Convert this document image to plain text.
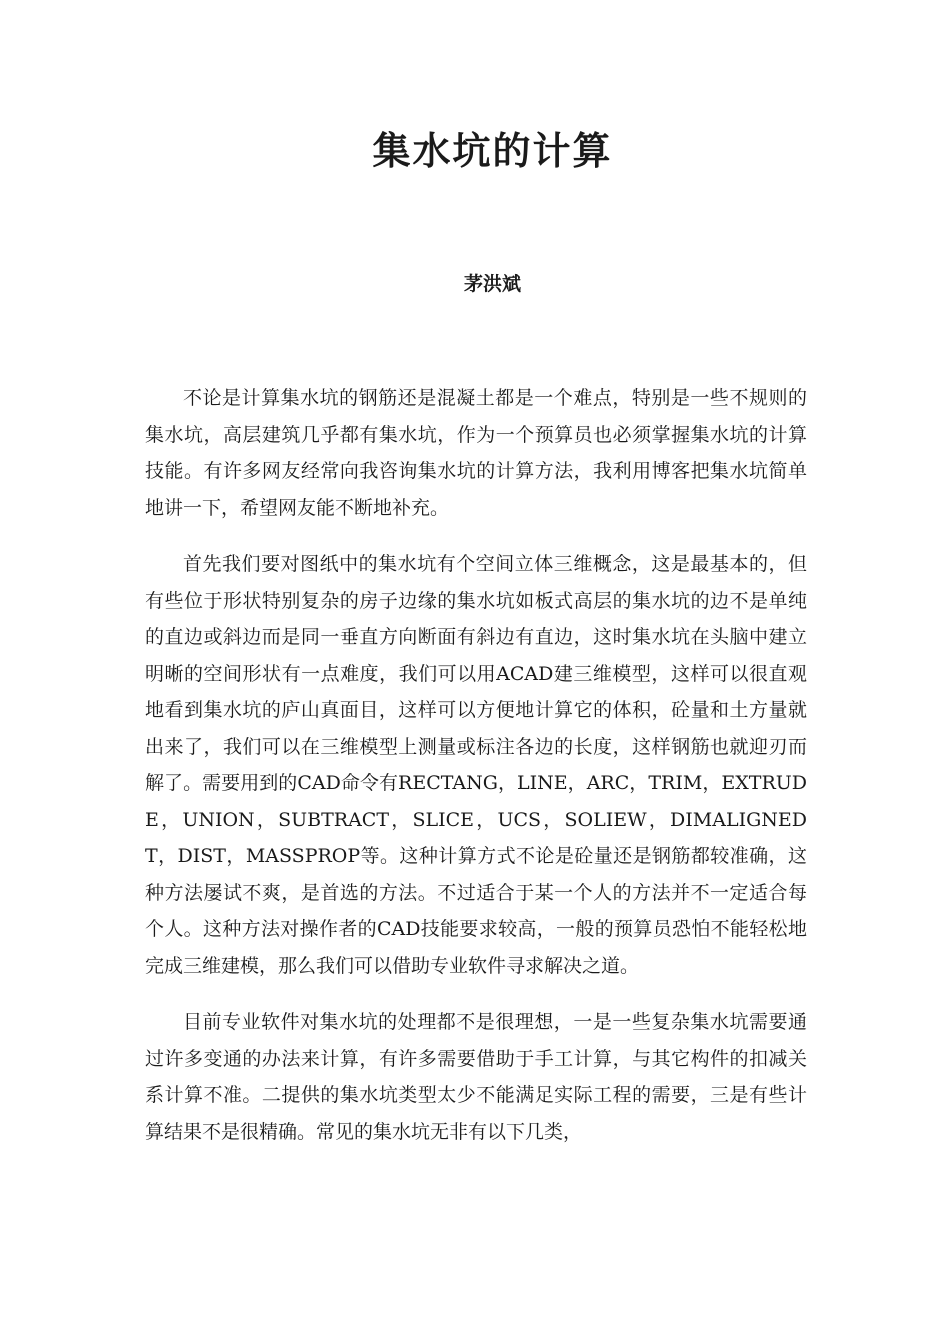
集水坑的计算
茅洪斌

不论是计算集水坑的钢筋还是混凝土都是一个难点，特别是一些不规则的集水坑，高层建筑几乎都有集水坑，作为一个预算员也必须掌握集水坑的计算技能。有许多网友经常向我咨询集水坑的计算方法，我利用博客把集水坑简单地讲一下，希望网友能不断地补充。

首先我们要对图纸中的集水坑有个空间立体三维概念，这是最基本的，但有些位于形状特别复杂的房子边缘的集水坑如板式高层的集水坑的边不是单纯的直边或斜边而是同一垂直方向断面有斜边有直边，这时集水坑在头脑中建立明晰的空间形状有一点难度，我们可以用ACAD建三维模型，这样可以很直观地看到集水坑的庐山真面目，这样可以方便地计算它的体积，砼量和土方量就出来了，我们可以在三维模型上测量或标注各边的长度，这样钢筋也就迎刃而解了。需要用到的CAD命令有RECTANG，LINE，ARC，TRIM，EXTRUDE，UNION，SUBTRACT，SLICE，UCS，SOLIEW，DIMALIGNEDT，DIST，MASSPROP等。这种计算方式不论是砼量还是钢筋都较准确，这种方法屡试不爽，是首选的方法。不过适合于某一个人的方法并不一定适合每个人。这种方法对操作者的CAD技能要求较高，一般的预算员恐怕不能轻松地完成三维建模，那么我们可以借助专业软件寻求解决之道。

目前专业软件对集水坑的处理都不是很理想，一是一些复杂集水坑需要通过许多变通的办法来计算，有许多需要借助于手工计算，与其它构件的扣减关系计算不准。二提供的集水坑类型太少不能满足实际工程的需要，三是有些计算结果不是很精确。常见的集水坑无非有以下几类，
